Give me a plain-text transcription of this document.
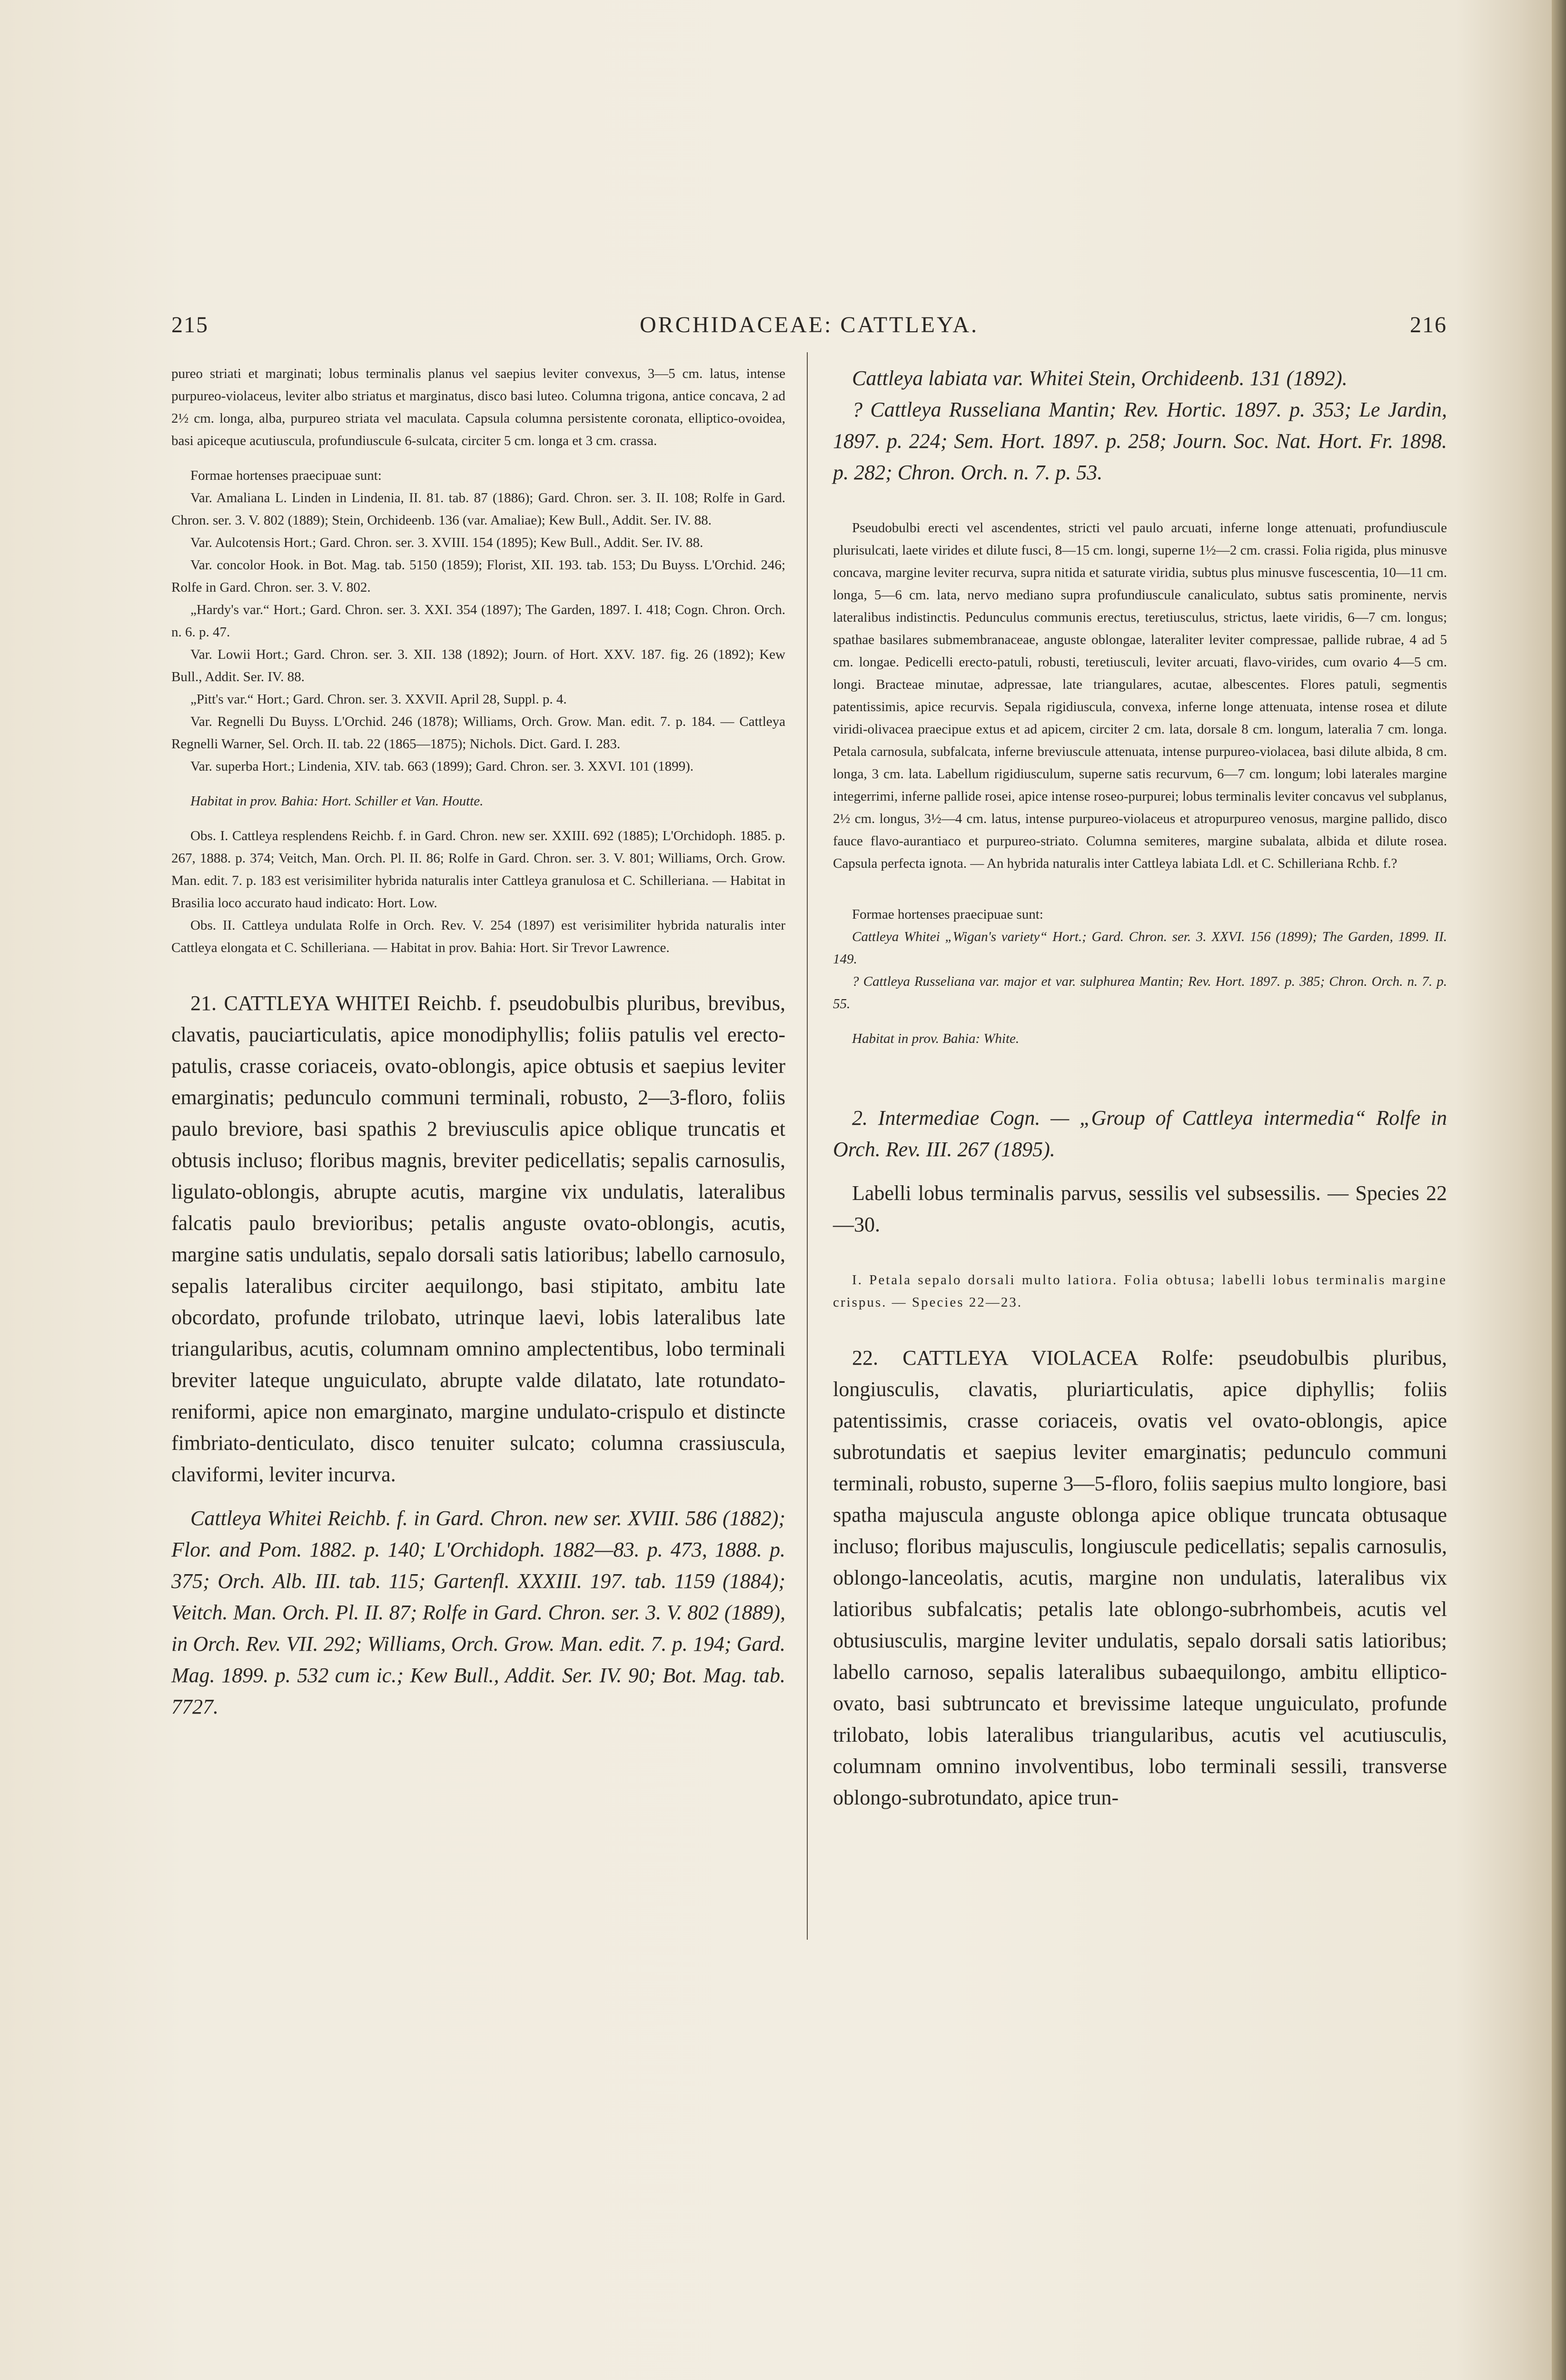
215	ORCHIDACEAE: CATTLEYA.	216

pureo striati et marginati; lobus terminalis planus vel saepius leviter convexus, 3—5 cm. latus, intense purpureo-violaceus, leviter albo striatus et marginatus, disco basi luteo. Columna trigona, antice concava, 2 ad 2½ cm. longa, alba, purpureo striata vel maculata. Capsula columna persistente coronata, elliptico-ovoidea, basi apiceque acutiuscula, profundiuscule 6-sulcata, circiter 5 cm. longa et 3 cm. crassa.

Formae hortenses praecipuae sunt:

Var. Amaliana L. Linden in Lindenia, II. 81. tab. 87 (1886); Gard. Chron. ser. 3. II. 108; Rolfe in Gard. Chron. ser. 3. V. 802 (1889); Stein, Orchideenb. 136 (var. Amaliae); Kew Bull., Addit. Ser. IV. 88.

Var. Aulcotensis Hort.; Gard. Chron. ser. 3. XVIII. 154 (1895); Kew Bull., Addit. Ser. IV. 88.

Var. concolor Hook. in Bot. Mag. tab. 5150 (1859); Florist, XII. 193. tab. 153; Du Buyss. L'Orchid. 246; Rolfe in Gard. Chron. ser. 3. V. 802.

„Hardy's var.“ Hort.; Gard. Chron. ser. 3. XXI. 354 (1897); The Garden, 1897. I. 418; Cogn. Chron. Orch. n. 6. p. 47.

Var. Lowii Hort.; Gard. Chron. ser. 3. XII. 138 (1892); Journ. of Hort. XXV. 187. fig. 26 (1892); Kew Bull., Addit. Ser. IV. 88.

„Pitt's var.“ Hort.; Gard. Chron. ser. 3. XXVII. April 28, Suppl. p. 4.

Var. Regnelli Du Buyss. L'Orchid. 246 (1878); Williams, Orch. Grow. Man. edit. 7. p. 184. — Cattleya Regnelli Warner, Sel. Orch. II. tab. 22 (1865—1875); Nichols. Dict. Gard. I. 283.

Var. superba Hort.; Lindenia, XIV. tab. 663 (1899); Gard. Chron. ser. 3. XXVI. 101 (1899).

Habitat in prov. Bahia: Hort. Schiller et Van. Houtte.

Obs. I. Cattleya resplendens Reichb. f. in Gard. Chron. new ser. XXIII. 692 (1885); L'Orchidoph. 1885. p. 267, 1888. p. 374; Veitch, Man. Orch. Pl. II. 86; Rolfe in Gard. Chron. ser. 3. V. 801; Williams, Orch. Grow. Man. edit. 7. p. 183 est verisimiliter hybrida naturalis inter Cattleya granulosa et C. Schilleriana. — Habitat in Brasilia loco accurato haud indicato: Hort. Low.

Obs. II. Cattleya undulata Rolfe in Orch. Rev. V. 254 (1897) est verisimiliter hybrida naturalis inter Cattleya elongata et C. Schilleriana. — Habitat in prov. Bahia: Hort. Sir Trevor Lawrence.

21. CATTLEYA WHITEI Reichb. f. pseudobulbis pluribus, brevibus, clavatis, pauciarticulatis, apice monodiphyllis; foliis patulis vel erecto-patulis, crasse coriaceis, ovato-oblongis, apice obtusis et saepius leviter emarginatis; pedunculo communi terminali, robusto, 2—3-floro, foliis paulo breviore, basi spathis 2 breviusculis apice oblique truncatis et obtusis incluso; floribus magnis, breviter pedicellatis; sepalis carnosulis, ligulato-oblongis, abrupte acutis, margine vix undulatis, lateralibus falcatis paulo brevioribus; petalis anguste ovato-oblongis, acutis, margine satis undulatis, sepalo dorsali satis latioribus; labello carnosulo, sepalis lateralibus circiter aequilongo, basi stipitato, ambitu late obcordato, profunde trilobato, utrinque laevi, lobis lateralibus late triangularibus, acutis, columnam omnino amplectentibus, lobo terminali breviter lateque unguiculato, abrupte valde dilatato, late rotundato-reniformi, apice non emarginato, margine undulato-crispulo et distincte fimbriato-denticulato, disco tenuiter sulcato; columna crassiuscula, claviformi, leviter incurva.

Cattleya Whitei Reichb. f. in Gard. Chron. new ser. XVIII. 586 (1882); Flor. and Pom. 1882. p. 140; L'Orchidoph. 1882—83. p. 473, 1888. p. 375; Orch. Alb. III. tab. 115; Gartenfl. XXXIII. 197. tab. 1159 (1884); Veitch. Man. Orch. Pl. II. 87; Rolfe in Gard. Chron. ser. 3. V. 802 (1889), in Orch. Rev. VII. 292; Williams, Orch. Grow. Man. edit. 7. p. 194; Gard. Mag. 1899. p. 532 cum ic.; Kew Bull., Addit. Ser. IV. 90; Bot. Mag. tab. 7727.

Cattleya labiata var. Whitei Stein, Orchideenb. 131 (1892).

? Cattleya Russeliana Mantin; Rev. Hortic. 1897. p. 353; Le Jardin, 1897. p. 224; Sem. Hort. 1897. p. 258; Journ. Soc. Nat. Hort. Fr. 1898. p. 282; Chron. Orch. n. 7. p. 53.

Pseudobulbi erecti vel ascendentes, stricti vel paulo arcuati, inferne longe attenuati, profundiuscule plurisulcati, laete virides et dilute fusci, 8—15 cm. longi, superne 1½—2 cm. crassi. Folia rigida, plus minusve concava, margine leviter recurva, supra nitida et saturate viridia, subtus plus minusve fuscescentia, 10—11 cm. longa, 5—6 cm. lata, nervo mediano supra profundiuscule canaliculato, subtus satis prominente, nervis lateralibus indistinctis. Pedunculus communis erectus, teretiusculus, strictus, laete viridis, 6—7 cm. longus; spathae basilares submembranaceae, anguste oblongae, lateraliter leviter compressae, pallide rubrae, 4 ad 5 cm. longae. Pedicelli erecto-patuli, robusti, teretiusculi, leviter arcuati, flavo-virides, cum ovario 4—5 cm. longi. Bracteae minutae, adpressae, late triangulares, acutae, albescentes. Flores patuli, segmentis patentissimis, apice recurvis. Sepala rigidiuscula, convexa, inferne longe attenuata, intense rosea et dilute viridi-olivacea praecipue extus et ad apicem, circiter 2 cm. lata, dorsale 8 cm. longum, lateralia 7 cm. longa. Petala carnosula, subfalcata, inferne breviuscule attenuata, intense purpureo-violacea, basi dilute albida, 8 cm. longa, 3 cm. lata. Labellum rigidiusculum, superne satis recurvum, 6—7 cm. longum; lobi laterales margine integerrimi, inferne pallide rosei, apice intense roseo-purpurei; lobus terminalis leviter concavus vel subplanus, 2½ cm. longus, 3½—4 cm. latus, intense purpureo-violaceus et atropurpureo venosus, margine pallido, disco fauce flavo-aurantiaco et purpureo-striato. Columna semiteres, margine subalata, albida et dilute rosea. Capsula perfecta ignota. — An hybrida naturalis inter Cattleya labiata Ldl. et C. Schilleriana Rchb. f.?

Formae hortenses praecipuae sunt:

Cattleya Whitei „Wigan's variety“ Hort.; Gard. Chron. ser. 3. XXVI. 156 (1899); The Garden, 1899. II. 149.

? Cattleya Russeliana var. major et var. sulphurea Mantin; Rev. Hort. 1897. p. 385; Chron. Orch. n. 7. p. 55.

Habitat in prov. Bahia: White.

2. Intermediae Cogn. — „Group of Cattleya intermedia“ Rolfe in Orch. Rev. III. 267 (1895).

Labelli lobus terminalis parvus, sessilis vel subsessilis. — Species 22—30.

I. Petala sepalo dorsali multo latiora. Folia obtusa; labelli lobus terminalis margine crispus. — Species 22—23.

22. CATTLEYA VIOLACEA Rolfe: pseudobulbis pluribus, longiusculis, clavatis, pluriarticulatis, apice diphyllis; foliis patentissimis, crasse coriaceis, ovatis vel ovato-oblongis, apice subrotundatis et saepius leviter emarginatis; pedunculo communi terminali, robusto, superne 3—5-floro, foliis saepius multo longiore, basi spatha majuscula anguste oblonga apice oblique truncata obtusaque incluso; floribus majusculis, longiuscule pedicellatis; sepalis carnosulis, oblongo-lanceolatis, acutis, margine non undulatis, lateralibus vix latioribus subfalcatis; petalis late oblongo-subrhombeis, acutis vel obtusiusculis, margine leviter undulatis, sepalo dorsali satis latioribus; labello carnoso, sepalis lateralibus subaequilongo, ambitu elliptico-ovato, basi subtruncato et brevissime lateque unguiculato, profunde trilobato, lobis lateralibus triangularibus, acutis vel acutiusculis, columnam omnino involventibus, lobo terminali sessili, transverse oblongo-subrotundato, apice trun-
